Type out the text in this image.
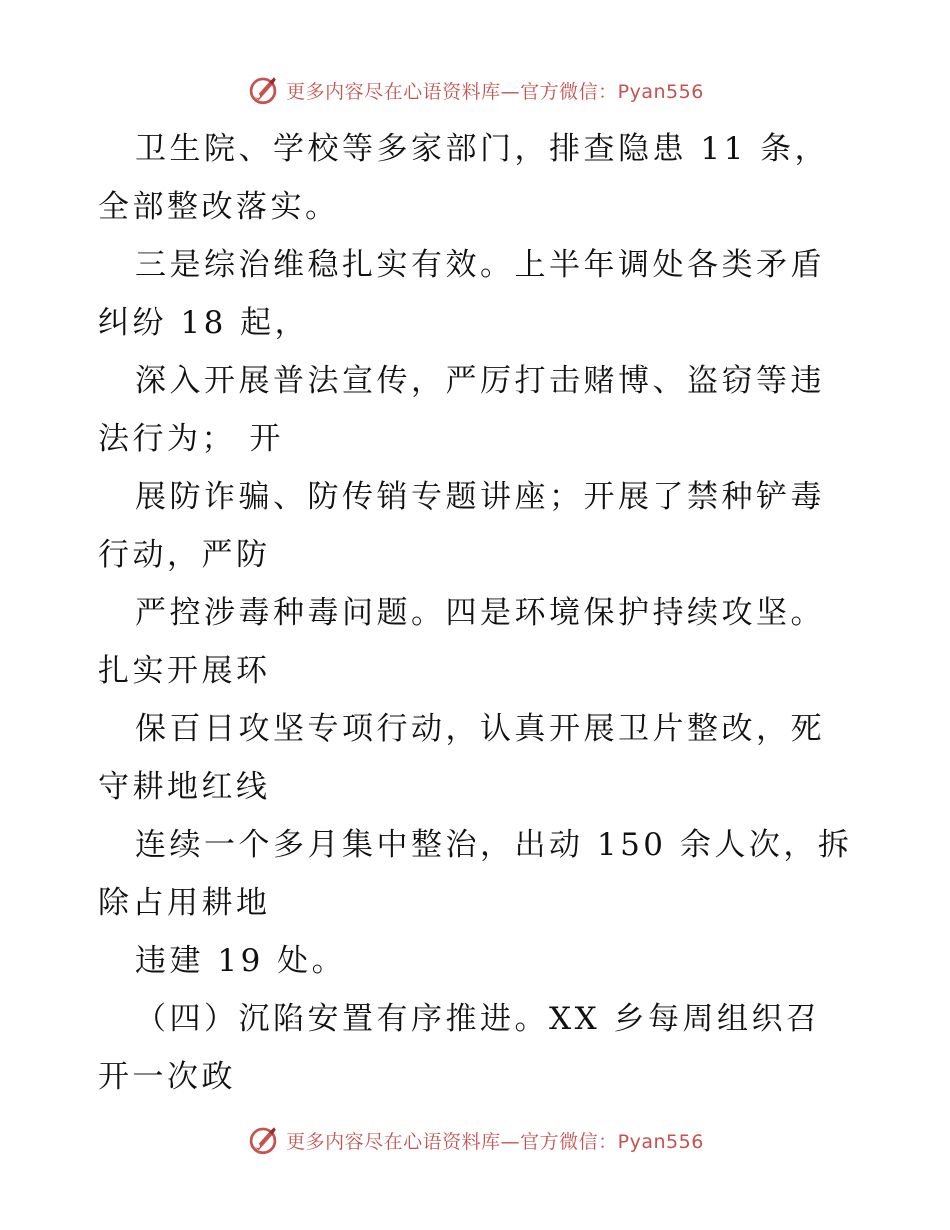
更多内容尽在心语资料库—官方微信：Pyan556

卫生院、学校等多家部门，排查隐患 11 条，全部整改落实。

三是综治维稳扎实有效。上半年调处各类矛盾纠纷 18 起，

深入开展普法宣传，严厉打击赌博、盗窃等违法行为； 开

展防诈骗、防传销专题讲座；开展了禁种铲毒行动，严防

严控涉毒种毒问题。四是环境保护持续攻坚。扎实开展环

保百日攻坚专项行动，认真开展卫片整改，死守耕地红线

连续一个多月集中整治，出动 150 余人次，拆除占用耕地

违建 19 处。

（四）沉陷安置有序推进。XX 乡每周组织召开一次政

更多内容尽在心语资料库—官方微信：Pyan556
